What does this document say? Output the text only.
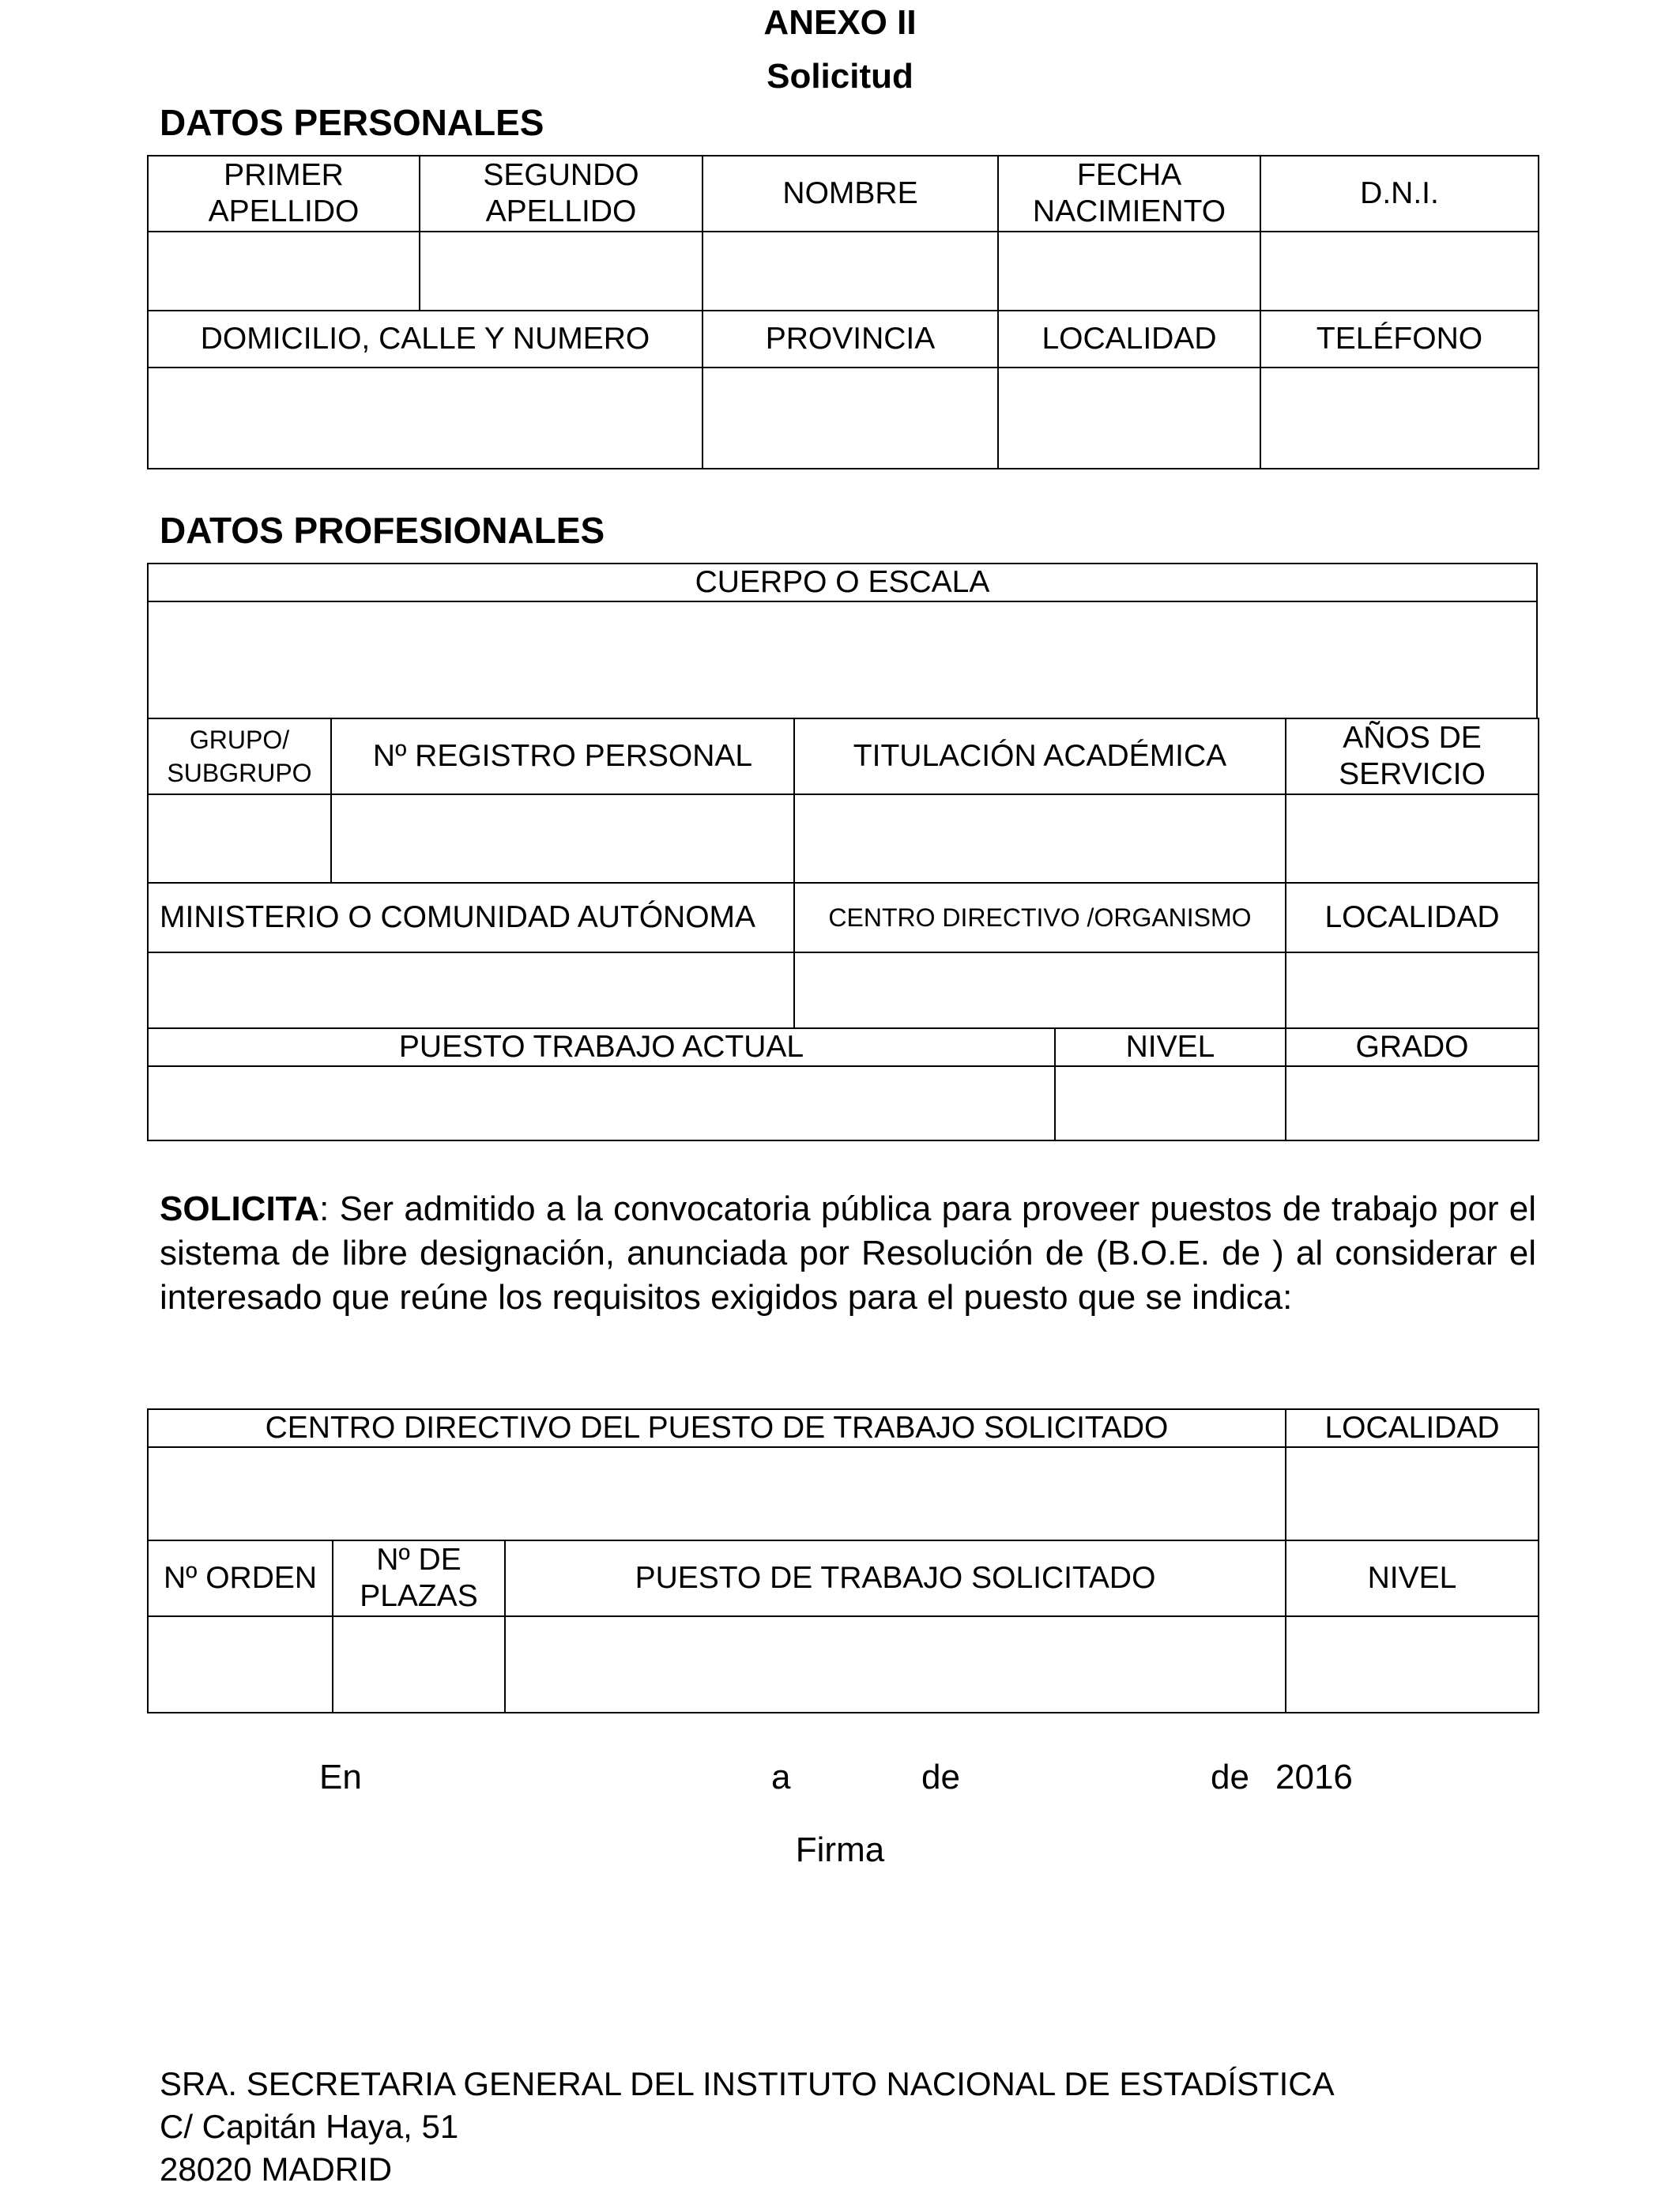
ANEXO II
Solicitud
DATOS PERSONALES
PRIMER APELLIDO	SEGUNDO APELLIDO	NOMBRE	FECHA NACIMIENTO	D.N.I.

DOMICILIO, CALLE Y NUMERO		PROVINCIA	LOCALIDAD	TELÉFONO

DATOS PROFESIONALES
CUERPO O ESCALA

GRUPO/ SUBGRUPO	Nº REGISTRO PERSONAL	TITULACIÓN ACADÉMICA	AÑOS DE SERVICIO

MINISTERIO O COMUNIDAD AUTÓNOMA		CENTRO DIRECTIVO /ORGANISMO	LOCALIDAD

PUESTO TRABAJO ACTUAL	NIVEL	GRADO

SOLICITA: Ser admitido a la convocatoria pública para proveer puestos de trabajo por el sistema de libre designación, anunciada por Resolución de (B.O.E. de ) al considerar el interesado que reúne los requisitos exigidos para el puesto que se indica:
CENTRO DIRECTIVO DEL PUESTO DE TRABAJO SOLICITADO	LOCALIDAD

Nº ORDEN	Nº DE PLAZAS	PUESTO DE TRABAJO SOLICITADO	NIVEL

En	a	de	de 2016
Firma
SRA. SECRETARIA GENERAL DEL INSTITUTO NACIONAL DE ESTADÍSTICA
C/ Capitán Haya, 51
28020 MADRID
